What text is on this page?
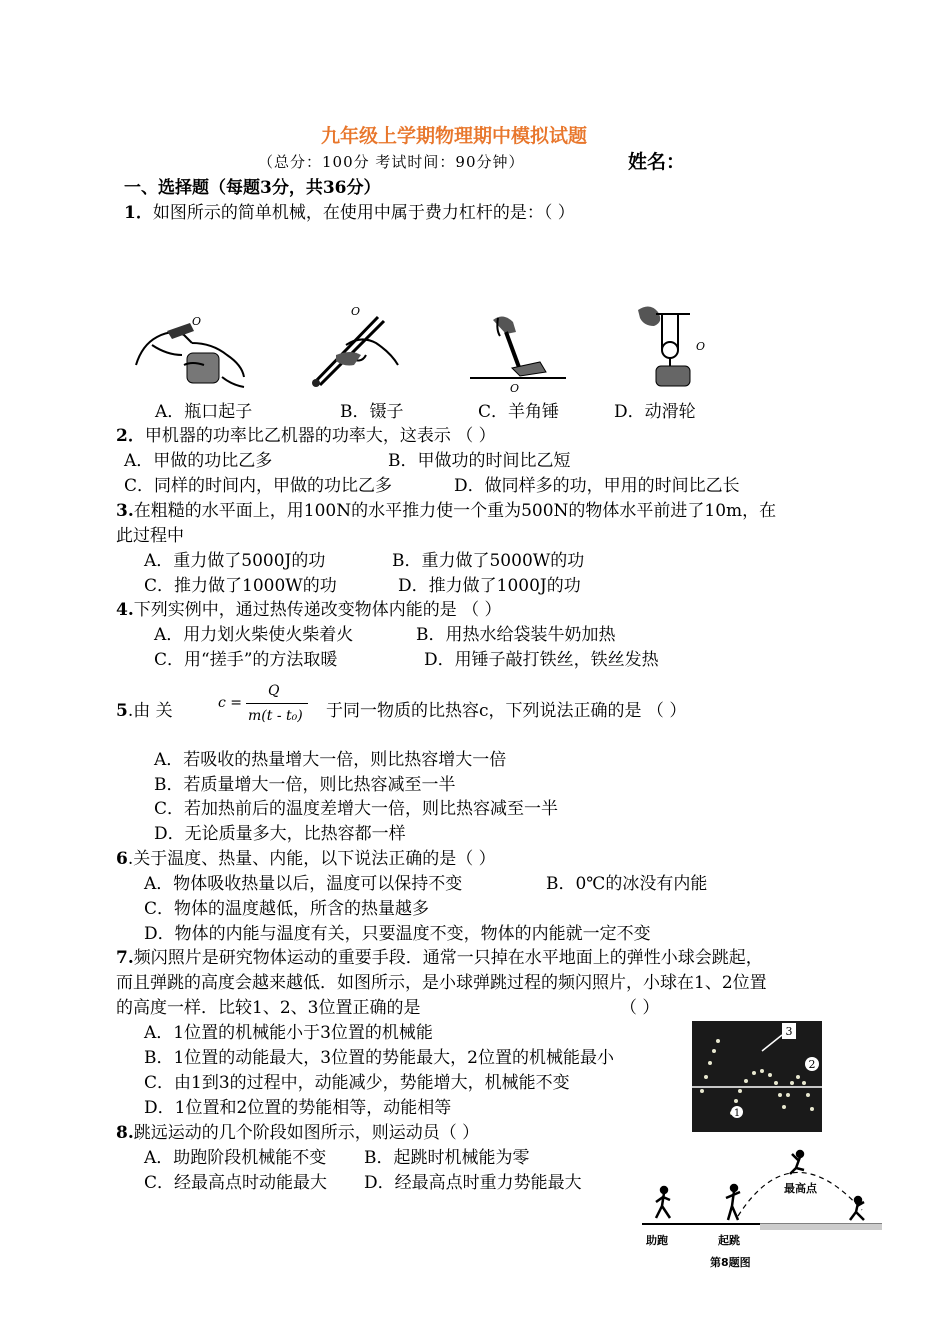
九年级上学期物理期中模拟试题
（总分：100分 考试时间：90分钟）	姓名：
一、选择题（每题3分，共36分）
1．如图所示的简单机械，在使用中属于费力杠杆的是：（ ）
O
O
O
O
A．瓶口起子	B．镊子	C．羊角锤	D．动滑轮
2．甲机器的功率比乙机器的功率大，这表示 （ ）
A．甲做的功比乙多	B．甲做功的时间比乙短
C．同样的时间内，甲做的功比乙多	D．做同样多的功，甲用的时间比乙长
3.在粗糙的水平面上，用100N的水平推力使一个重为500N的物体水平前进了10m，在
此过程中
A．重力做了5000J的功	B．重力做了5000W的功
C．推力做了1000W的功	D．推力做了1000J的功
4.下列实例中，通过热传递改变物体内能的是 （ ）
A．用力划火柴使火柴着火	B．用热水给袋装牛奶加热
C．用“搓手”的方法取暖	D．用锤子敲打铁丝，铁丝发热
5.由 关	c =
Q
m(t - t₀) 于同一物质的比热容c，下列说法正确的是 （ ）
A．若吸收的热量增大一倍，则比热容增大一倍
B．若质量增大一倍，则比热容减至一半
C．若加热前后的温度差增大一倍，则比热容减至一半
D．无论质量多大，比热容都一样
6.关于温度、热量、内能，以下说法正确的是（ ）
A．物体吸收热量以后，温度可以保持不变	B．0℃的冰没有内能
C．物体的温度越低，所含的热量越多
D．物体的内能与温度有关，只要温度不变，物体的内能就一定不变
7.频闪照片是研究物体运动的重要手段．通常一只掉在水平地面上的弹性小球会跳起，
而且弹跳的高度会越来越低．如图所示，是小球弹跳过程的频闪照片，小球在1、2位置
的高度一样．比较1、2、3位置正确的是	（ ）
A．1位置的机械能小于3位置的机械能
B．1位置的动能最大，3位置的势能最大，2位置的机械能最小
C．由1到3的过程中，动能减少，势能增大，机械能不变
D．1位置和2位置的势能相等，动能相等
3
2
1
8.跳远运动的几个阶段如图所示，则运动员（ ）
A．助跑阶段机械能不变 B．起跳时机械能为零
C．经最高点时动能最大 D．经最高点时重力势能最大
助跑	起跳
最高点
第8题图
